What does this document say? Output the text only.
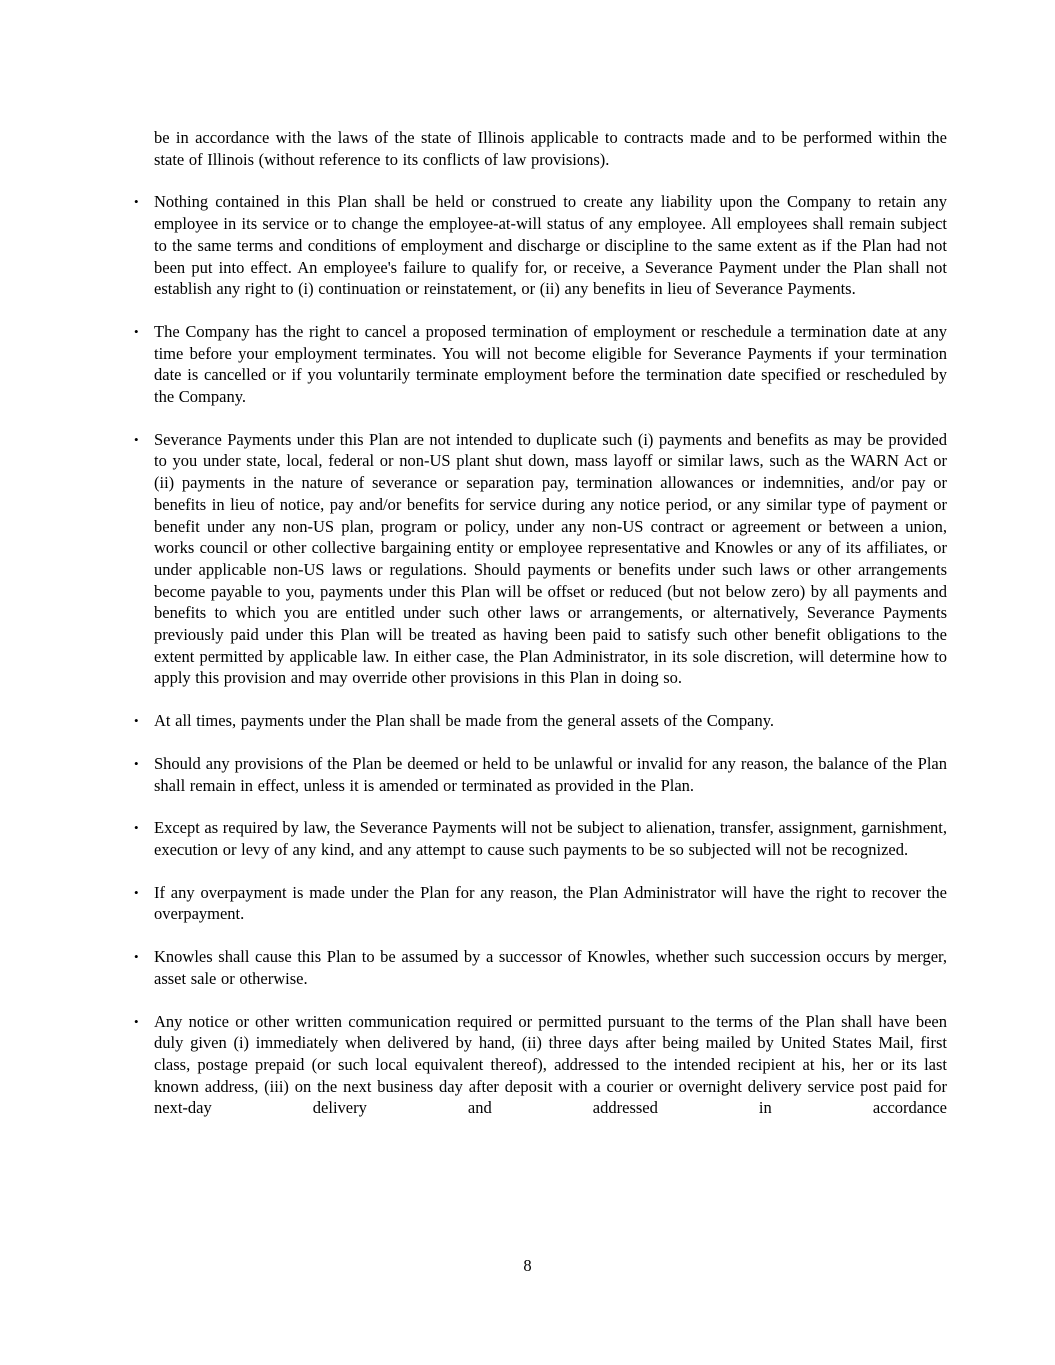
be in accordance with the laws of the state of Illinois applicable to contracts made and to be performed within the state of Illinois (without reference to its conflicts of law provisions).

• Nothing contained in this Plan shall be held or construed to create any liability upon the Company to retain any employee in its service or to change the employee-at-will status of any employee. All employees shall remain subject to the same terms and conditions of employment and discharge or discipline to the same extent as if the Plan had not been put into effect. An employee's failure to qualify for, or receive, a Severance Payment under the Plan shall not establish any right to (i) continuation or reinstatement, or (ii) any benefits in lieu of Severance Payments.

• The Company has the right to cancel a proposed termination of employment or reschedule a termination date at any time before your employment terminates. You will not become eligible for Severance Payments if your termination date is cancelled or if you voluntarily terminate employment before the termination date specified or rescheduled by the Company.

• Severance Payments under this Plan are not intended to duplicate such (i) payments and benefits as may be provided to you under state, local, federal or non-US plant shut down, mass layoff or similar laws, such as the WARN Act or (ii) payments in the nature of severance or separation pay, termination allowances or indemnities, and/or pay or benefits in lieu of notice, pay and/or benefits for service during any notice period, or any similar type of payment or benefit under any non-US plan, program or policy, under any non-US contract or agreement or between a union, works council or other collective bargaining entity or employee representative and Knowles or any of its affiliates, or under applicable non-US laws or regulations. Should payments or benefits under such laws or other arrangements become payable to you, payments under this Plan will be offset or reduced (but not below zero) by all payments and benefits to which you are entitled under such other laws or arrangements, or alternatively, Severance Payments previously paid under this Plan will be treated as having been paid to satisfy such other benefit obligations to the extent permitted by applicable law. In either case, the Plan Administrator, in its sole discretion, will determine how to apply this provision and may override other provisions in this Plan in doing so.

• At all times, payments under the Plan shall be made from the general assets of the Company.

• Should any provisions of the Plan be deemed or held to be unlawful or invalid for any reason, the balance of the Plan shall remain in effect, unless it is amended or terminated as provided in the Plan.

• Except as required by law, the Severance Payments will not be subject to alienation, transfer, assignment, garnishment, execution or levy of any kind, and any attempt to cause such payments to be so subjected will not be recognized.

• If any overpayment is made under the Plan for any reason, the Plan Administrator will have the right to recover the overpayment.

• Knowles shall cause this Plan to be assumed by a successor of Knowles, whether such succession occurs by merger, asset sale or otherwise.

• Any notice or other written communication required or permitted pursuant to the terms of the Plan shall have been duly given (i) immediately when delivered by hand, (ii) three days after being mailed by United States Mail, first class, postage prepaid (or such local equivalent thereof), addressed to the intended recipient at his, her or its last known address, (iii) on the next business day after deposit with a courier or overnight delivery service post paid for next-day delivery and addressed in accordance

8
